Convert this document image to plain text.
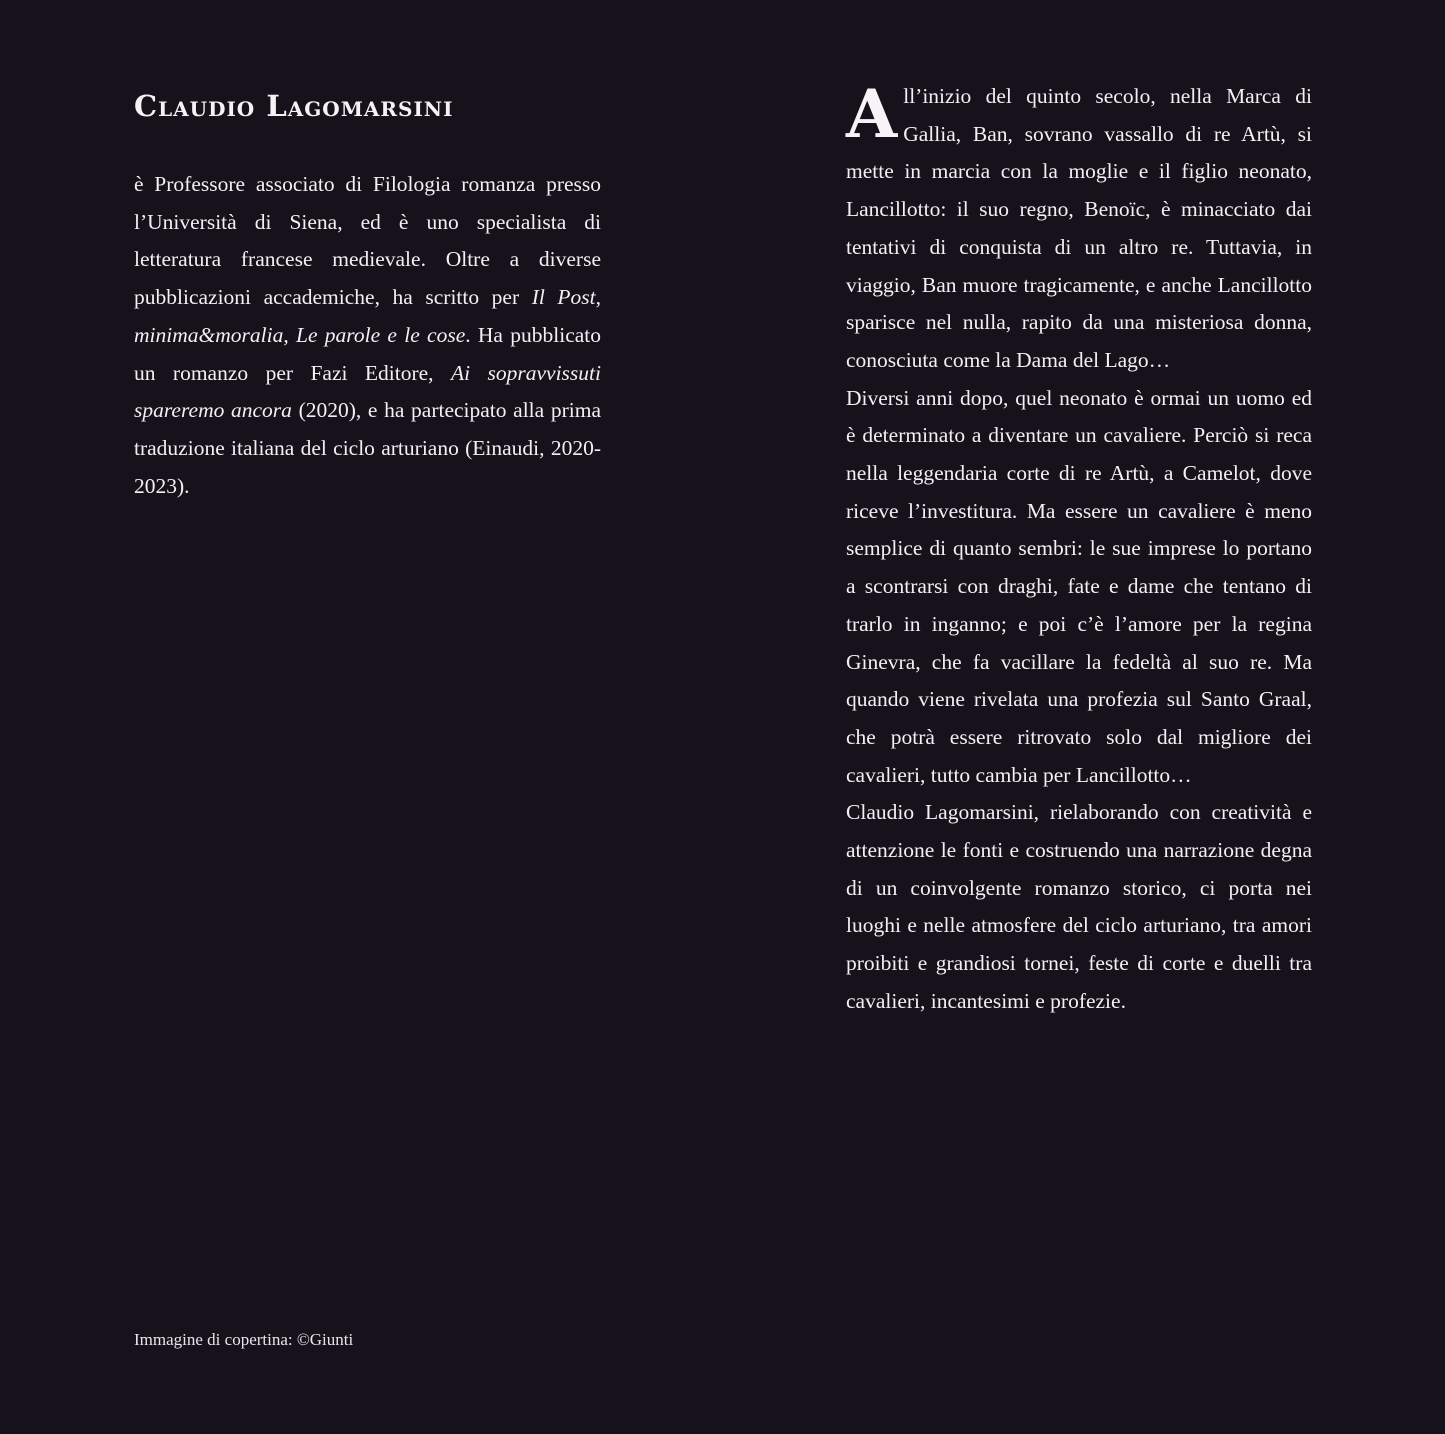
Claudio Lagomarsini

è Professore associato di Filologia romanza presso l’Università di Siena, ed è uno specialista di letteratura francese medievale. Oltre a diverse pubblicazioni accademiche, ha scritto per Il Post, minima&moralia, Le parole e le cose. Ha pubblicato un romanzo per Fazi Editore, Ai sopravvissuti spareremo ancora (2020), e ha partecipato alla prima traduzione italiana del ciclo arturiano (Einaudi, 2020-2023).

All’inizio del quinto secolo, nella Marca di Gallia, Ban, sovrano vassallo di re Artù, si mette in marcia con la moglie e il figlio neonato, Lancillotto: il suo regno, Benoïc, è minacciato dai tentativi di conquista di un altro re. Tuttavia, in viaggio, Ban muore tragicamente, e anche Lancillotto sparisce nel nulla, rapito da una misteriosa donna, conosciuta come la Dama del Lago…

Diversi anni dopo, quel neonato è ormai un uomo ed è determinato a diventare un cavaliere. Perciò si reca nella leggendaria corte di re Artù, a Camelot, dove riceve l’investitura. Ma essere un cavaliere è meno semplice di quanto sembri: le sue imprese lo portano a scontrarsi con draghi, fate e dame che tentano di trarlo in inganno; e poi c’è l’amore per la regina Ginevra, che fa vacillare la fedeltà al suo re. Ma quando viene rivelata una profezia sul Santo Graal, che potrà essere ritrovato solo dal migliore dei cavalieri, tutto cambia per Lancillotto…

Claudio Lagomarsini, rielaborando con creatività e attenzione le fonti e costruendo una narrazione degna di un coinvolgente romanzo storico, ci porta nei luoghi e nelle atmosfere del ciclo arturiano, tra amori proibiti e grandiosi tornei, feste di corte e duelli tra cavalieri, incantesimi e profezie.

Immagine di copertina: ©Giunti
